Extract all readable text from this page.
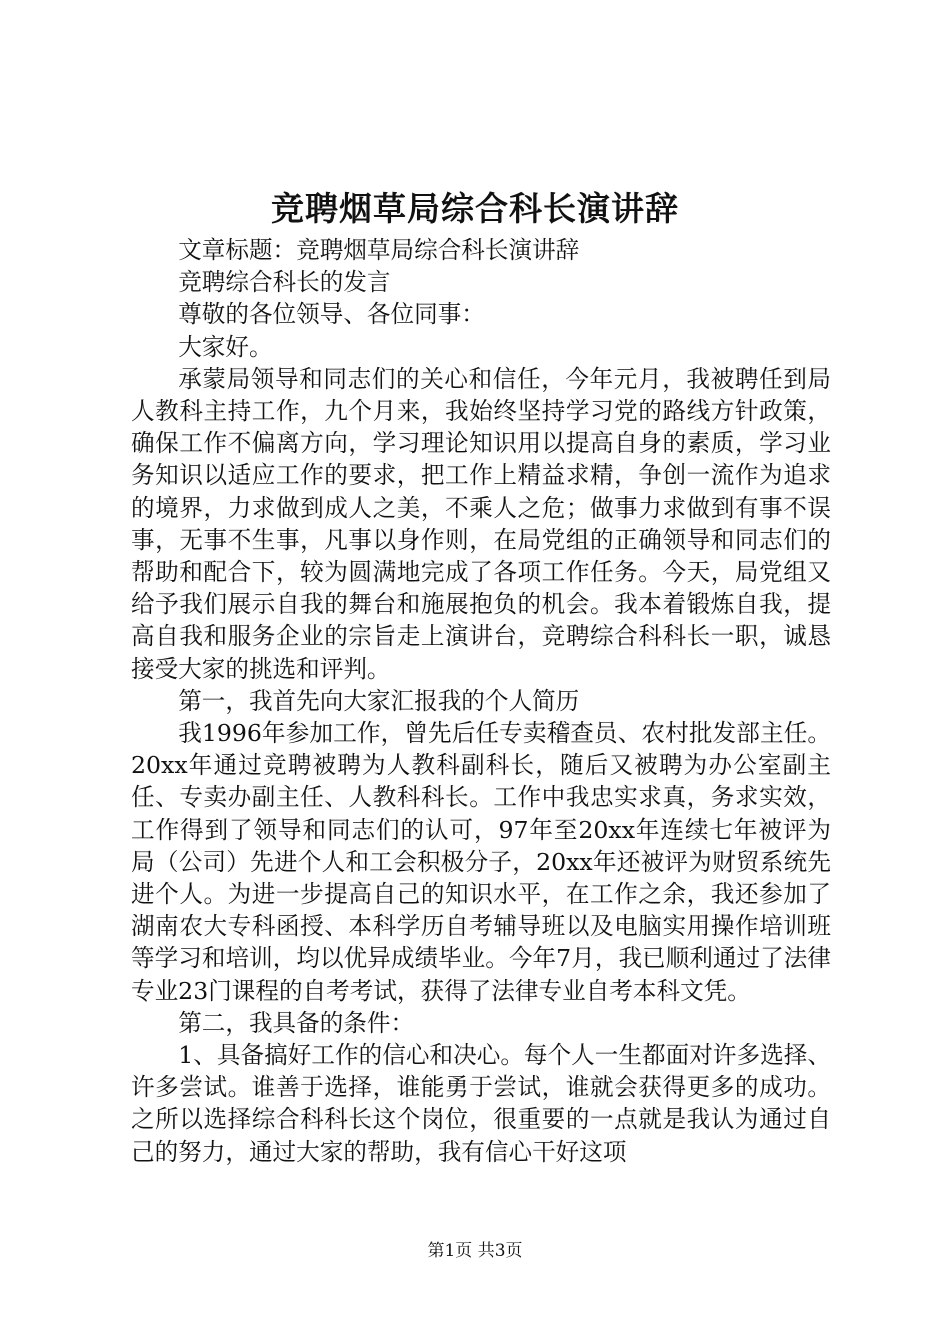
竞聘烟草局综合科长演讲辞

文章标题：竞聘烟草局综合科长演讲辞

竞聘综合科长的发言

尊敬的各位领导、各位同事：

大家好。

承蒙局领导和同志们的关心和信任，今年元月，我被聘任到局人教科主持工作，九个月来，我始终坚持学习党的路线方针政策，确保工作不偏离方向，学习理论知识用以提高自身的素质，学习业务知识以适应工作的要求，把工作上精益求精，争创一流作为追求的境界，力求做到成人之美，不乘人之危；做事力求做到有事不误事，无事不生事，凡事以身作则，在局党组的正确领导和同志们的帮助和配合下，较为圆满地完成了各项工作任务。今天，局党组又给予我们展示自我的舞台和施展抱负的机会。我本着锻炼自我，提高自我和服务企业的宗旨走上演讲台，竞聘综合科科长一职，诚恳接受大家的挑选和评判。

第一，我首先向大家汇报我的个人简历

我1996年参加工作，曾先后任专卖稽查员、农村批发部主任。20xx年通过竞聘被聘为人教科副科长，随后又被聘为办公室副主任、专卖办副主任、人教科科长。工作中我忠实求真，务求实效，工作得到了领导和同志们的认可，97年至20xx年连续七年被评为局（公司）先进个人和工会积极分子，20xx年还被评为财贸系统先进个人。为进一步提高自己的知识水平，在工作之余，我还参加了湖南农大专科函授、本科学历自考辅导班以及电脑实用操作培训班等学习和培训，均以优异成绩毕业。今年7月，我已顺利通过了法律专业23门课程的自考考试，获得了法律专业自考本科文凭。

第二，我具备的条件：

1、具备搞好工作的信心和决心。每个人一生都面对许多选择、许多尝试。谁善于选择，谁能勇于尝试，谁就会获得更多的成功。之所以选择综合科科长这个岗位，很重要的一点就是我认为通过自己的努力，通过大家的帮助，我有信心干好这项

第1页 共3页
